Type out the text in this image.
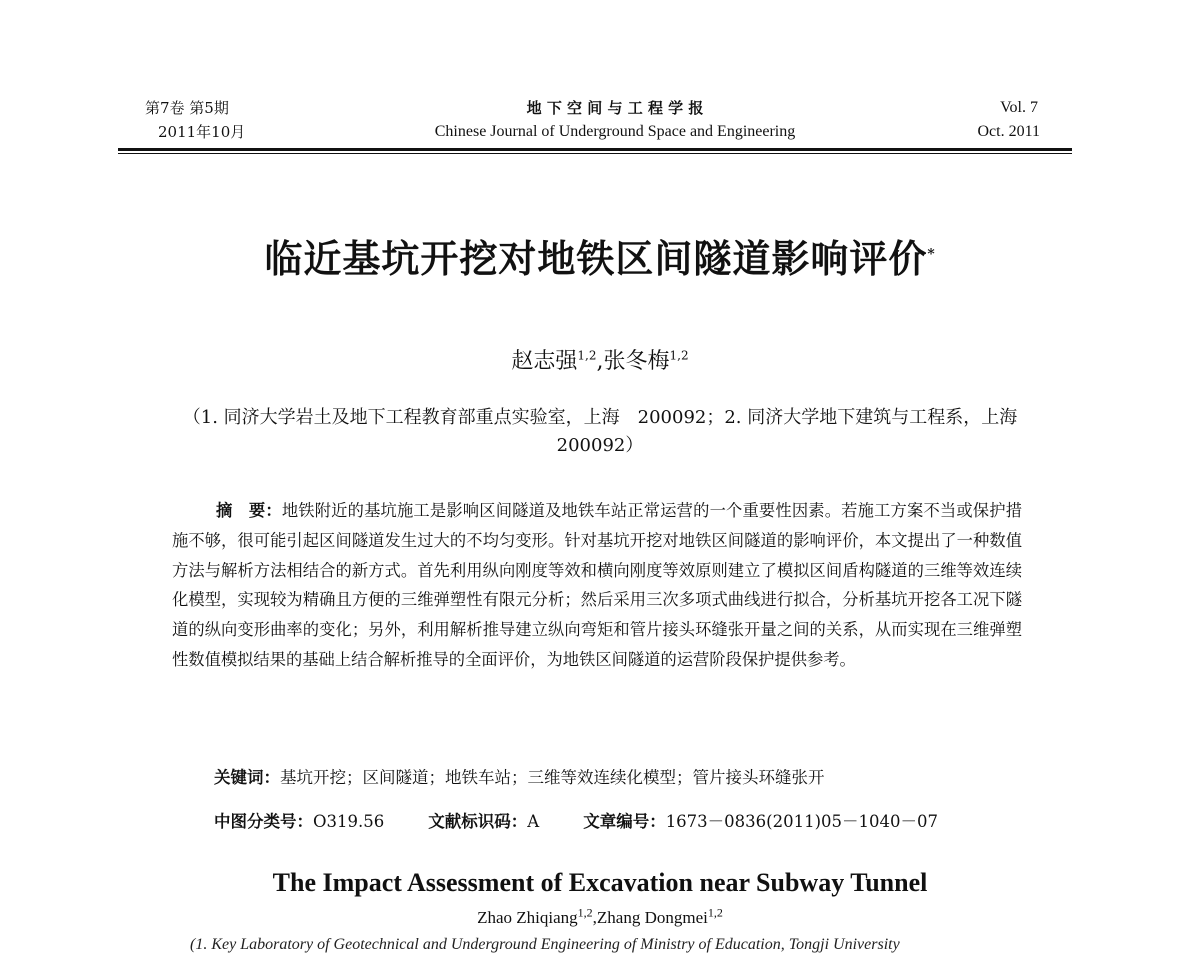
第7卷 第5期
2011年10月
地 下 空 间 与 工 程 学 报
Chinese Journal of Underground Space and Engineering
Vol. 7
Oct. 2011
临近基坑开挖对地铁区间隧道影响评价*
赵志强$^{1,2}$,张冬梅$^{1,2}$
（1. 同济大学岩土及地下工程教育部重点实验室，上海　200092；2. 同济大学地下建筑与工程系，上海　200092）
摘　要：地铁附近的基坑施工是影响区间隧道及地铁车站正常运营的一个重要性因素。若施工方案不当或保护措施不够，很可能引起区间隧道发生过大的不均匀变形。针对基坑开挖对地铁区间隧道的影响评价，本文提出了一种数值方法与解析方法相结合的新方式。首先利用纵向刚度等效和横向刚度等效原则建立了模拟区间盾构隧道的三维等效连续化模型，实现较为精确且方便的三维弹塑性有限元分析；然后采用三次多项式曲线进行拟合，分析基坑开挖各工况下隧道的纵向变形曲率的变化；另外，利用解析推导建立纵向弯矩和管片接头环缝张开量之间的关系，从而实现在三维弹塑性数值模拟结果的基础上结合解析推导的全面评价，为地铁区间隧道的运营阶段保护提供参考。
关键词：基坑开挖；区间隧道；地铁车站；三维等效连续化模型；管片接头环缝张开
中图分类号：O319.56	文献标识码：A	文章编号：1673－0836(2011)05－1040－07
The Impact Assessment of Excavation near Subway Tunnel
Zhao Zhiqiang$^{1,2}$,Zhang Dongmei$^{1,2}$
(1. Key Laboratory of Geotechnical and Underground Engineering of Ministry of Education, Tongji University
